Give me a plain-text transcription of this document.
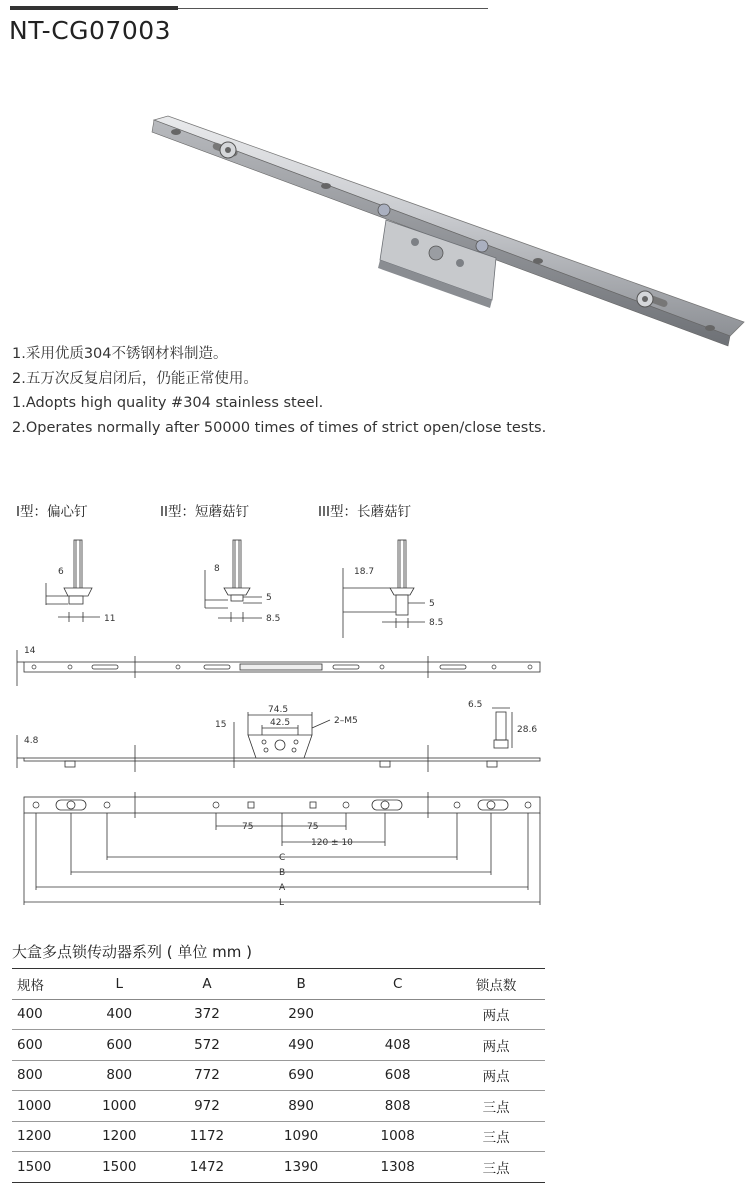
NT-CG07003
1.采用优质304不锈钢材料制造。
2.五万次反复启闭后，仍能正常使用。
1.Adopts high quality #304 stainless steel.
2.Operates normally after 50000 times of times of strict open/close tests.
I型：偏心钉	II型：短蘑菇钉	III型：长蘑菇钉
6
11
8
5
8.5
18.7
5
8.5
14
4.8
15
74.5
42.5	2–M5
6.5
28.6
75	75
120 ± 10
C
B
A
L
大盒多点锁传动器系列 ( 单位 mm )
规格	L	A	B	C	锁点数
400	400	372	290		两点
600	600	572	490	408	两点
800	800	772	690	608	两点
1000	1000	972	890	808	三点
1200	1200	1172	1090	1008	三点
1500	1500	1472	1390	1308	三点
